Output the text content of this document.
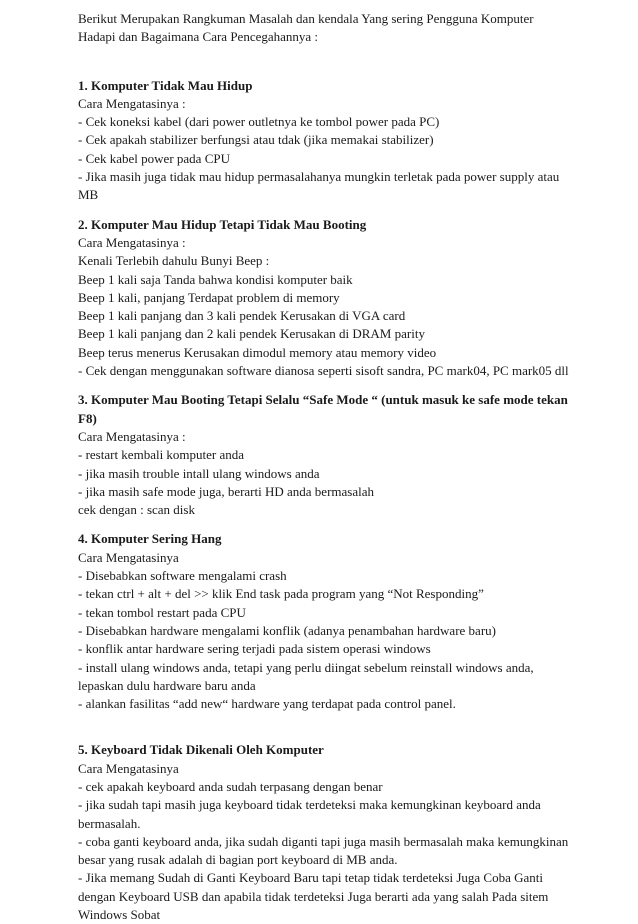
Berikut Merupakan Rangkuman Masalah dan kendala Yang sering Pengguna Komputer Hadapi dan Bagaimana Cara Pencegahannya :

1. Komputer Tidak Mau Hidup

Cara Mengatasinya :

- Cek koneksi kabel (dari power outletnya ke tombol power pada PC)

- Cek apakah stabilizer berfungsi atau tdak (jika memakai stabilizer)

- Cek kabel power pada CPU

- Jika masih juga tidak mau hidup permasalahanya mungkin terletak pada power supply atau MB

2. Komputer Mau Hidup Tetapi Tidak Mau Booting

Cara Mengatasinya :

Kenali Terlebih dahulu Bunyi Beep :

Beep 1 kali saja Tanda bahwa kondisi komputer baik

Beep 1 kali, panjang Terdapat problem di memory

Beep 1 kali panjang dan 3 kali pendek Kerusakan di VGA card

Beep 1 kali panjang dan 2 kali pendek Kerusakan di DRAM parity

Beep terus menerus Kerusakan dimodul memory atau memory video

- Cek dengan menggunakan software dianosa seperti sisoft sandra, PC mark04, PC mark05 dll

3. Komputer Mau Booting Tetapi Selalu “Safe Mode “ (untuk masuk ke safe mode tekan F8)

Cara Mengatasinya :

- restart kembali komputer anda

- jika masih trouble intall ulang windows anda

- jika masih safe mode juga, berarti HD anda bermasalah

cek dengan : scan disk

4. Komputer Sering Hang

Cara Mengatasinya

- Disebabkan software mengalami crash

- tekan ctrl + alt + del >> klik End task pada program yang “Not Responding”

- tekan tombol restart pada CPU

- Disebabkan hardware mengalami konflik (adanya penambahan hardware baru)

- konflik antar hardware sering terjadi pada sistem operasi windows

- install ulang windows anda, tetapi yang perlu diingat sebelum reinstall windows anda, lepaskan dulu hardware baru anda

- alankan fasilitas “add new“ hardware yang terdapat pada control panel.

5. Keyboard Tidak Dikenali Oleh Komputer

Cara Mengatasinya

- cek apakah keyboard anda sudah terpasang dengan benar

- jika sudah tapi masih juga keyboard tidak terdeteksi maka kemungkinan keyboard anda bermasalah.

- coba ganti keyboard anda, jika sudah diganti tapi juga masih bermasalah maka kemungkinan besar yang rusak adalah di bagian port keyboard di MB anda.

- Jika memang Sudah di Ganti Keyboard Baru tapi tetap tidak terdeteksi Juga Coba Ganti dengan Keyboard USB dan apabila tidak terdeteksi Juga berarti ada yang salah Pada sitem Windows Sobat
